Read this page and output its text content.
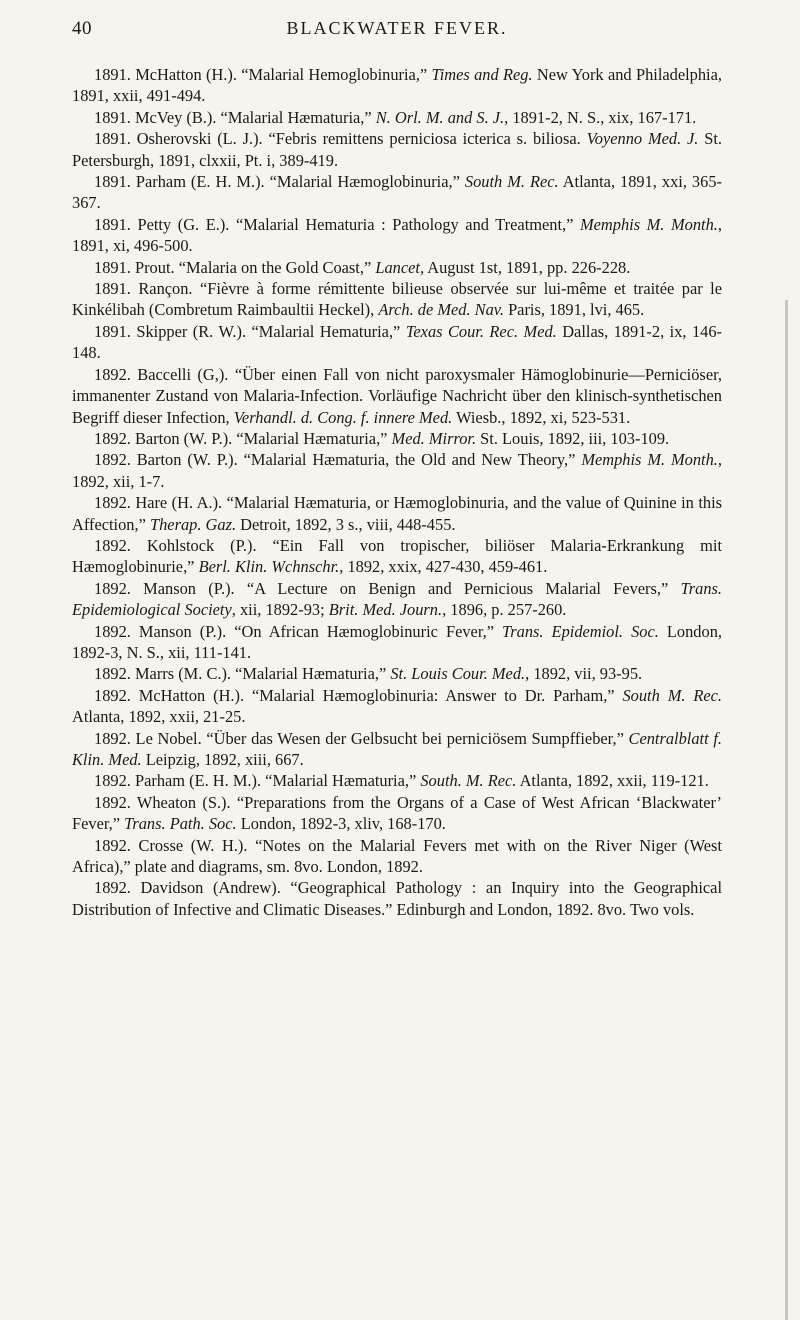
40	BLACKWATER FEVER.

1891. McHatton (H.). “Malarial Hemoglobinuria,” Times and Reg. New York and Philadelphia, 1891, xxii, 491-494.

1891. McVey (B.). “Malarial Hæmaturia,” N. Orl. M. and S. J., 1891-2, N. S., xix, 167-171.

1891. Osherovski (L. J.). “Febris remittens perniciosa icterica s. biliosa. Voyenno Med. J. St. Petersburgh, 1891, clxxii, Pt. i, 389-419.

1891. Parham (E. H. M.). “Malarial Hæmoglobinuria,” South M. Rec. Atlanta, 1891, xxi, 365-367.

1891. Petty (G. E.). “Malarial Hematuria : Pathology and Treatment,” Memphis M. Month., 1891, xi, 496-500.

1891. Prout. “Malaria on the Gold Coast,” Lancet, August 1st, 1891, pp. 226-228.

1891. Rançon. “Fièvre à forme rémittente bilieuse observée sur lui-même et traitée par le Kinkélibah (Combretum Raimbaultii Heckel), Arch. de Med. Nav. Paris, 1891, lvi, 465.

1891. Skipper (R. W.). “Malarial Hematuria,” Texas Cour. Rec. Med. Dallas, 1891-2, ix, 146-148.

1892. Baccelli (G,). “Über einen Fall von nicht paroxysmaler Hämoglobinurie—Perniciöser, immanenter Zustand von Malaria-Infection. Vorläufige Nachricht über den klinisch-synthetischen Begriff dieser Infection, Verhandl. d. Cong. f. innere Med. Wiesb., 1892, xi, 523-531.

1892. Barton (W. P.). “Malarial Hæmaturia,” Med. Mirror. St. Louis, 1892, iii, 103-109.

1892. Barton (W. P.). “Malarial Hæmaturia, the Old and New Theory,” Memphis M. Month., 1892, xii, 1-7.

1892. Hare (H. A.). “Malarial Hæmaturia, or Hæmoglobinuria, and the value of Quinine in this Affection,” Therap. Gaz. Detroit, 1892, 3 s., viii, 448-455.

1892. Kohlstock (P.). “Ein Fall von tropischer, biliöser Malaria-Erkrankung mit Hæmoglobinurie,” Berl. Klin. Wchnschr., 1892, xxix, 427-430, 459-461.

1892. Manson (P.). “A Lecture on Benign and Pernicious Malarial Fevers,” Trans. Epidemiological Society, xii, 1892-93; Brit. Med. Journ., 1896, p. 257-260.

1892. Manson (P.). “On African Hæmoglobinuric Fever,” Trans. Epidemiol. Soc. London, 1892-3, N. S., xii, 111-141.

1892. Marrs (M. C.). “Malarial Hæmaturia,” St. Louis Cour. Med., 1892, vii, 93-95.

1892. McHatton (H.). “Malarial Hæmoglobinuria: Answer to Dr. Parham,” South M. Rec. Atlanta, 1892, xxii, 21-25.

1892. Le Nobel. “Über das Wesen der Gelbsucht bei perniciösem Sumpffieber,” Centralblatt f. Klin. Med. Leipzig, 1892, xiii, 667.

1892. Parham (E. H. M.). “Malarial Hæmaturia,” South. M. Rec. Atlanta, 1892, xxii, 119-121.

1892. Wheaton (S.). “Preparations from the Organs of a Case of West African ‘Blackwater’ Fever,” Trans. Path. Soc. London, 1892-3, xliv, 168-170.

1892. Crosse (W. H.). “Notes on the Malarial Fevers met with on the River Niger (West Africa),” plate and diagrams, sm. 8vo. London, 1892.

1892. Davidson (Andrew). “Geographical Pathology : an Inquiry into the Geographical Distribution of Infective and Climatic Diseases.” Edinburgh and London, 1892. 8vo. Two vols.
